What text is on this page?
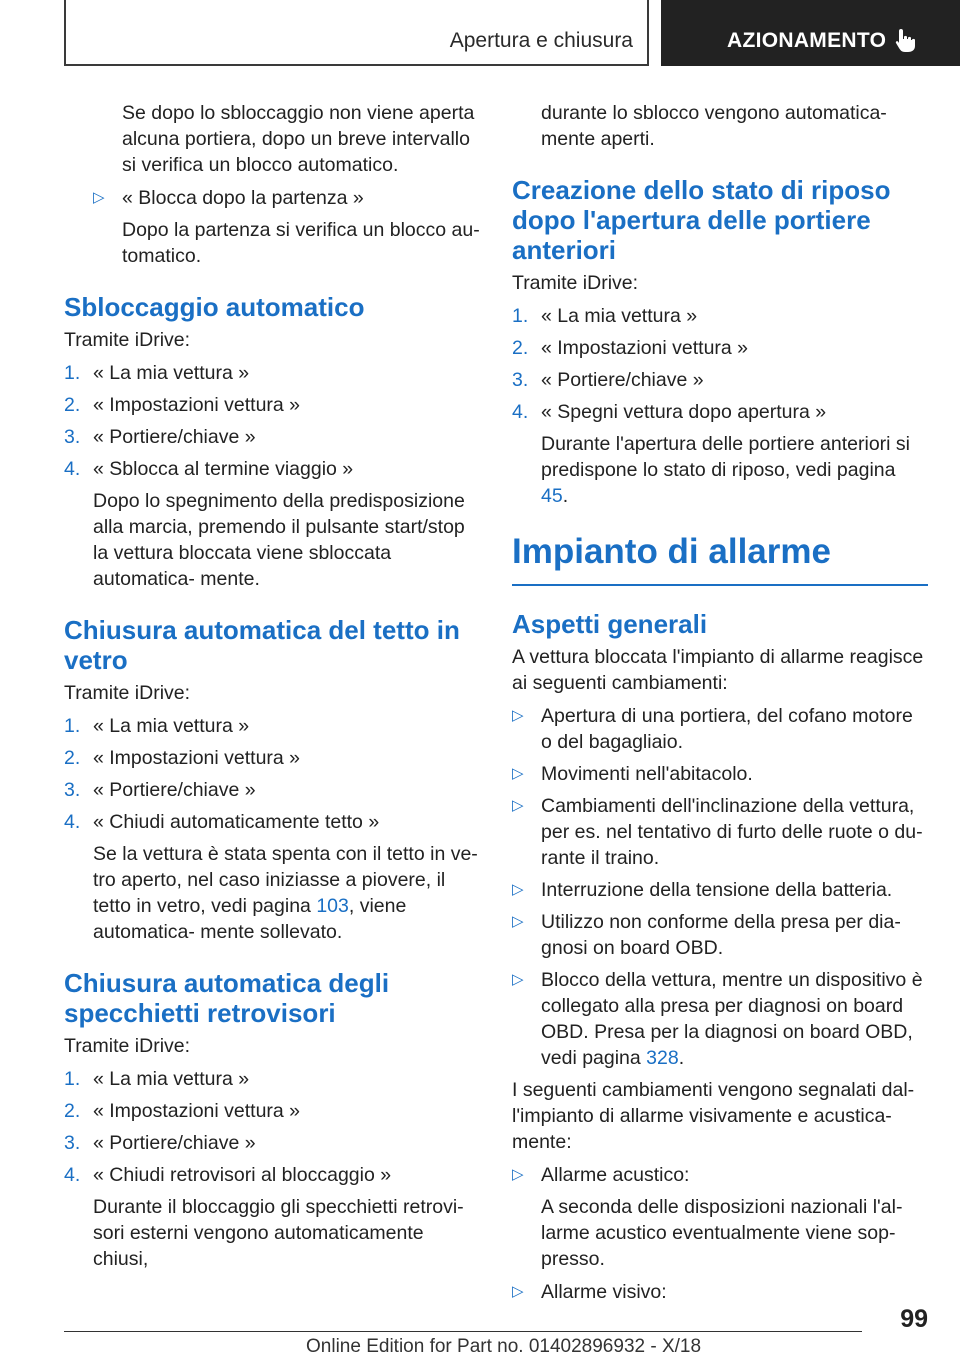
Apertura e chiusura	AZIONAMENTO

Se dopo lo sbloccaggio non viene aperta alcuna portiera, dopo un breve intervallo si verifica un blocco automatico.

▷ « Blocca dopo la partenza »

Dopo la partenza si verifica un blocco au‐ tomatico.

Sbloccaggio automatico

Tramite iDrive:

1. « La mia vettura »
2. « Impostazioni vettura »
3. « Portiere/chiave »
4. « Sblocca al termine viaggio »

Dopo lo spegnimento della predisposizione alla marcia, premendo il pulsante start/stop la vettura bloccata viene sbloccata automatica‐ mente.

Chiusura automatica del tetto in vetro

Tramite iDrive:

1. « La mia vettura »
2. « Impostazioni vettura »
3. « Portiere/chiave »
4. « Chiudi automaticamente tetto »

Se la vettura è stata spenta con il tetto in ve‐ tro aperto, nel caso iniziasse a piovere, il tetto in vetro, vedi pagina 103, viene automatica‐ mente sollevato.

Chiusura automatica degli specchietti retrovisori

Tramite iDrive:

1. « La mia vettura »
2. « Impostazioni vettura »
3. « Portiere/chiave »
4. « Chiudi retrovisori al bloccaggio »

Durante il bloccaggio gli specchietti retrovi‐ sori esterni vengono automaticamente chiusi,

durante lo sblocco vengono automatica‐ mente aperti.

Creazione dello stato di riposo dopo l'apertura delle portiere anteriori

Tramite iDrive:

1. « La mia vettura »
2. « Impostazioni vettura »
3. « Portiere/chiave »
4. « Spegni vettura dopo apertura »

Durante l'apertura delle portiere anteriori si predispone lo stato di riposo, vedi pagina 45.

Impianto di allarme
Aspetti generali

A vettura bloccata l'impianto di allarme reagisce ai seguenti cambiamenti:

▷ Apertura di una portiera, del cofano motore o del bagagliaio.
▷ Movimenti nell'abitacolo.
▷ Cambiamenti dell'inclinazione della vettura, per es. nel tentativo di furto delle ruote o du‐ rante il traino.
▷ Interruzione della tensione della batteria.
▷ Utilizzo non conforme della presa per dia‐ gnosi on board OBD.
▷ Blocco della vettura, mentre un dispositivo è collegato alla presa per diagnosi on board OBD. Presa per la diagnosi on board OBD, vedi pagina 328.

I seguenti cambiamenti vengono segnalati dal‐ l'impianto di allarme visivamente e acustica‐ mente:

▷ Allarme acustico:

A seconda delle disposizioni nazionali l'al‐ larme acustico eventualmente viene sop‐ presso.

▷ Allarme visivo:
99
Online Edition for Part no. 01402896932 - X/18
